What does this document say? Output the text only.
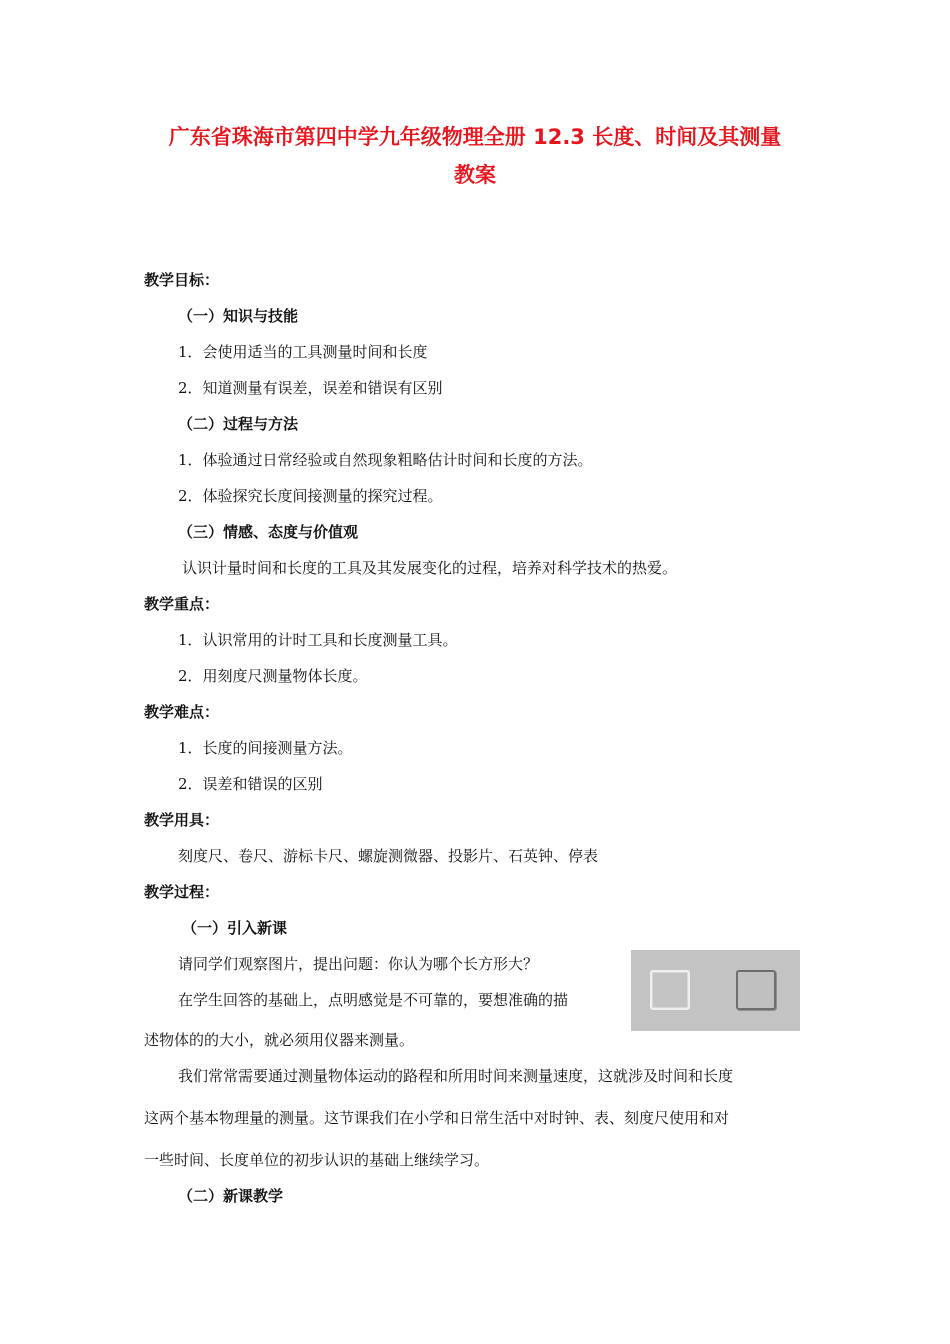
广东省珠海市第四中学九年级物理全册 12.3 长度、时间及其测量
教案
教学目标：
（一）知识与技能
1．会使用适当的工具测量时间和长度
2．知道测量有误差，误差和错误有区别
（二）过程与方法
1．体验通过日常经验或自然现象粗略估计时间和长度的方法。
2．体验探究长度间接测量的探究过程。
（三）情感、态度与价值观
认识计量时间和长度的工具及其发展变化的过程，培养对科学技术的热爱。
教学重点：
1．认识常用的计时工具和长度测量工具。
2．用刻度尺测量物体长度。
教学难点：
1．长度的间接测量方法。
2．误差和错误的区别
教学用具：
刻度尺、卷尺、游标卡尺、螺旋测微器、投影片、石英钟、停表
教学过程：
（一）引入新课
请同学们观察图片，提出问题：你认为哪个长方形大？
在学生回答的基础上，点明感觉是不可靠的，要想准确的描
述物体的的大小，就必须用仪器来测量。
我们常常需要通过测量物体运动的路程和所用时间来测量速度，这就涉及时间和长度
这两个基本物理量的测量。这节课我们在小学和日常生活中对时钟、表、刻度尺使用和对
一些时间、长度单位的初步认识的基础上继续学习。
（二）新课教学
